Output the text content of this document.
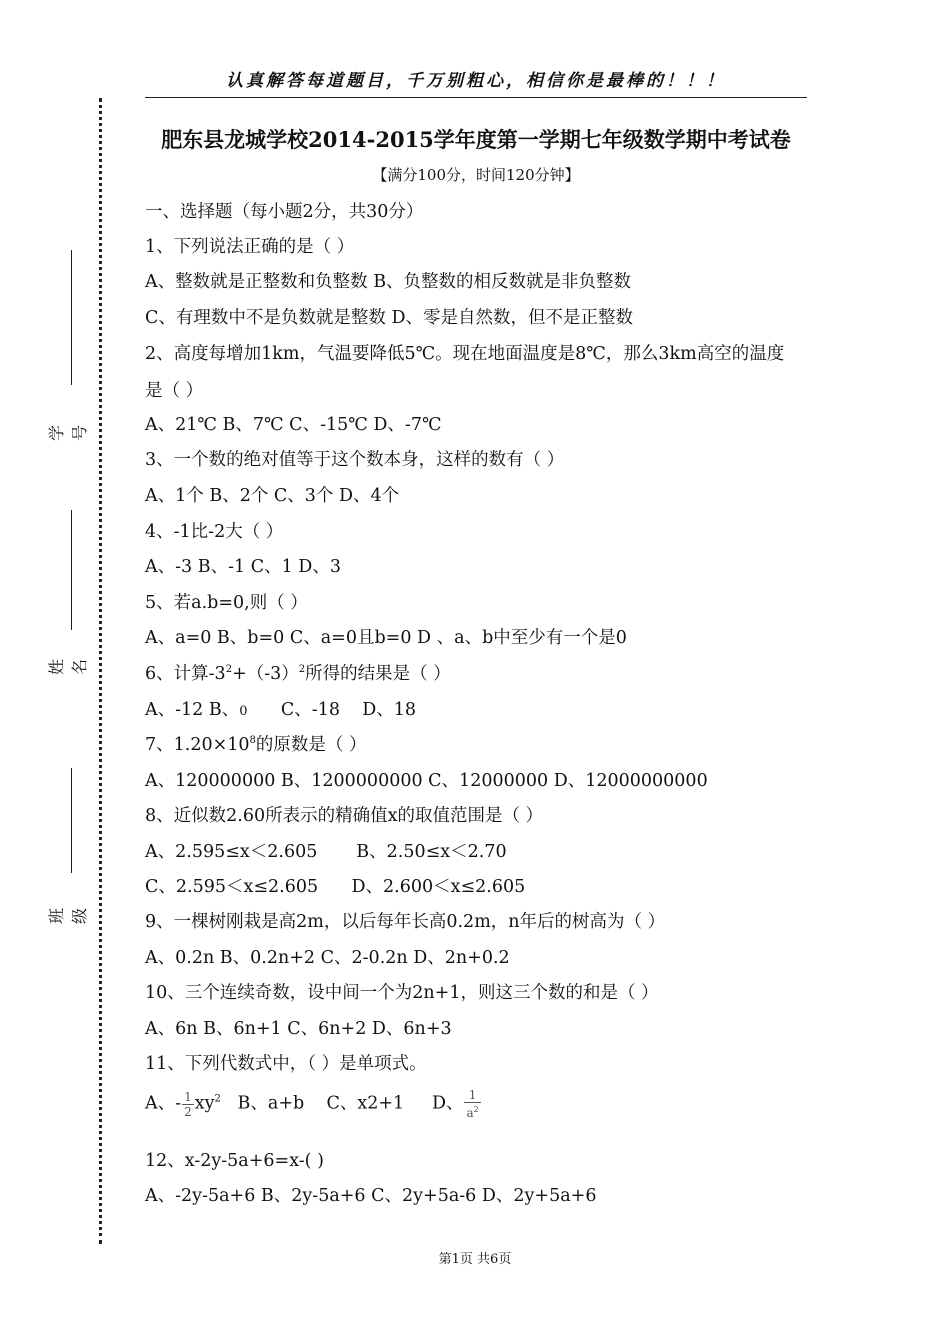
认真解答每道题目，千万别粗心，相信你是最棒的！！！
学号
姓名
班级
肥东县龙城学校2014-2015学年度第一学期七年级数学期中考试卷
【满分100分，时间120分钟】
一、选择题（每小题2分，共30分）
1、下列说法正确的是（ ）
A、整数就是正整数和负整数 B、负整数的相反数就是非负整数
C、有理数中不是负数就是整数 D、零是自然数，但不是正整数
2、高度每增加1km，气温要降低5℃。现在地面温度是8℃，那么3km高空的温度
是（ ）
A、21℃ B、7℃ C、-15℃ D、-7℃
3、一个数的绝对值等于这个数本身，这样的数有（ ）
A、1个 B、2个 C、3个 D、4个
4、-1比-2大（ ）
A、-3 B、-1 C、1 D、3
5、若a.b=0,则（ ）
A、a=0 B、b=0 C、a=0且b=0 D 、a、b中至少有一个是0
6、计算$-3^2+(-3)^2$所得的结果是（ ）
A、-12 B、0      C、-18    D、18
7、$1.20\times 10^8$的原数是（ ）
A、120000000 B、1200000000 C、12000000 D、12000000000
8、近似数2.60所表示的精确值x的取值范围是（ ）
A、2.595≤x＜2.605       B、2.50≤x＜2.70
C、2.595＜x≤2.605      D、2.600＜x≤2.605
9、一棵树刚栽是高2m，以后每年长高0.2m，n年后的树高为（ ）
A、0.2n B、0.2n+2 C、2-0.2n D、2n+0.2
10、三个连续奇数，设中间一个为2n+1，则这三个数的和是（ ）
A、6n B、6n+1 C、6n+2 D、6n+3
11、下列代数式中，（ ）是单项式。
A、- $\frac{1}{2} xy^2$   B、a+b    C、x2+1     D、 $\frac{1}{a^2}$
12、x-2y-5a+6=x-( )
A、-2y-5a+6 B、2y-5a+6 C、2y+5a-6 D、2y+5a+6
第1页 共6页
